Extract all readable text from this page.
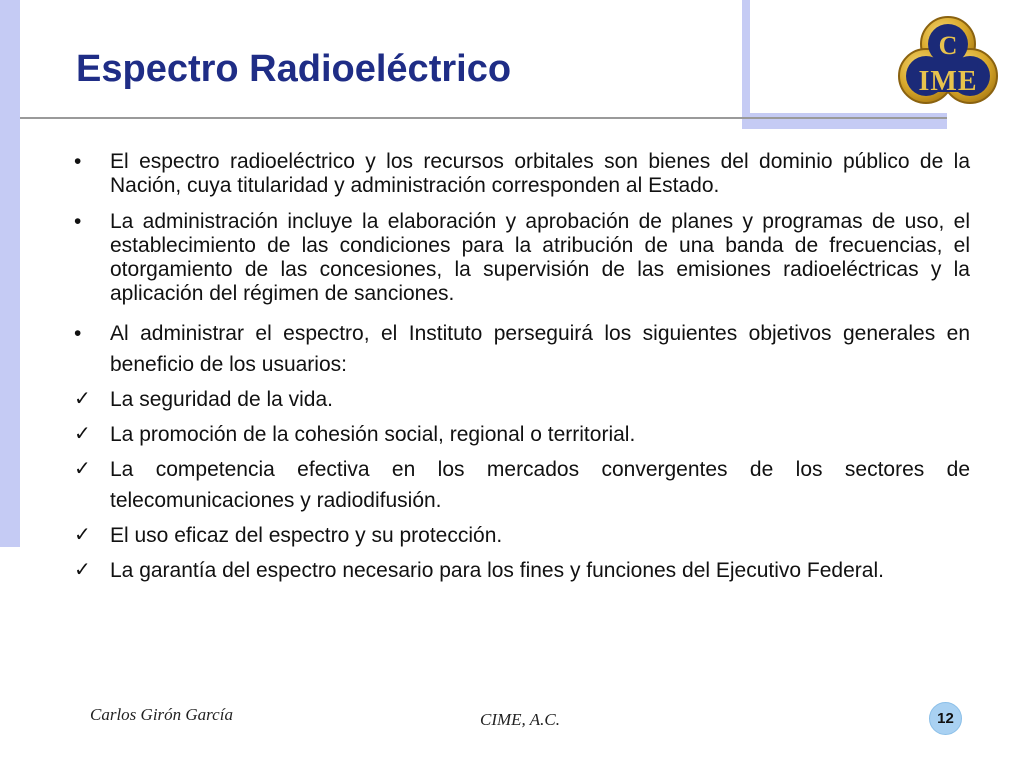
Espectro Radioeléctrico
C
IME
•	El espectro radioeléctrico y los recursos orbitales son bienes del dominio público de la Nación, cuya titularidad y administración corresponden al Estado.
•	La administración incluye la elaboración y aprobación de planes y programas de uso, el establecimiento de las condiciones para la atribución de una banda de frecuencias, el otorgamiento de las concesiones, la supervisión de las emisiones radioeléctricas y la aplicación del régimen de sanciones.
•	Al administrar el espectro, el Instituto perseguirá los siguientes objetivos generales en beneficio de los usuarios:
✓ La seguridad de la vida.
✓ La promoción de la cohesión social, regional o territorial.
✓ La competencia efectiva en los mercados convergentes de los sectores de telecomunicaciones y radiodifusión.
✓ El uso eficaz del espectro y su protección.
✓ La garantía del espectro necesario para los fines y funciones del Ejecutivo Federal.
Carlos Girón García	CIME, A.C.	12
